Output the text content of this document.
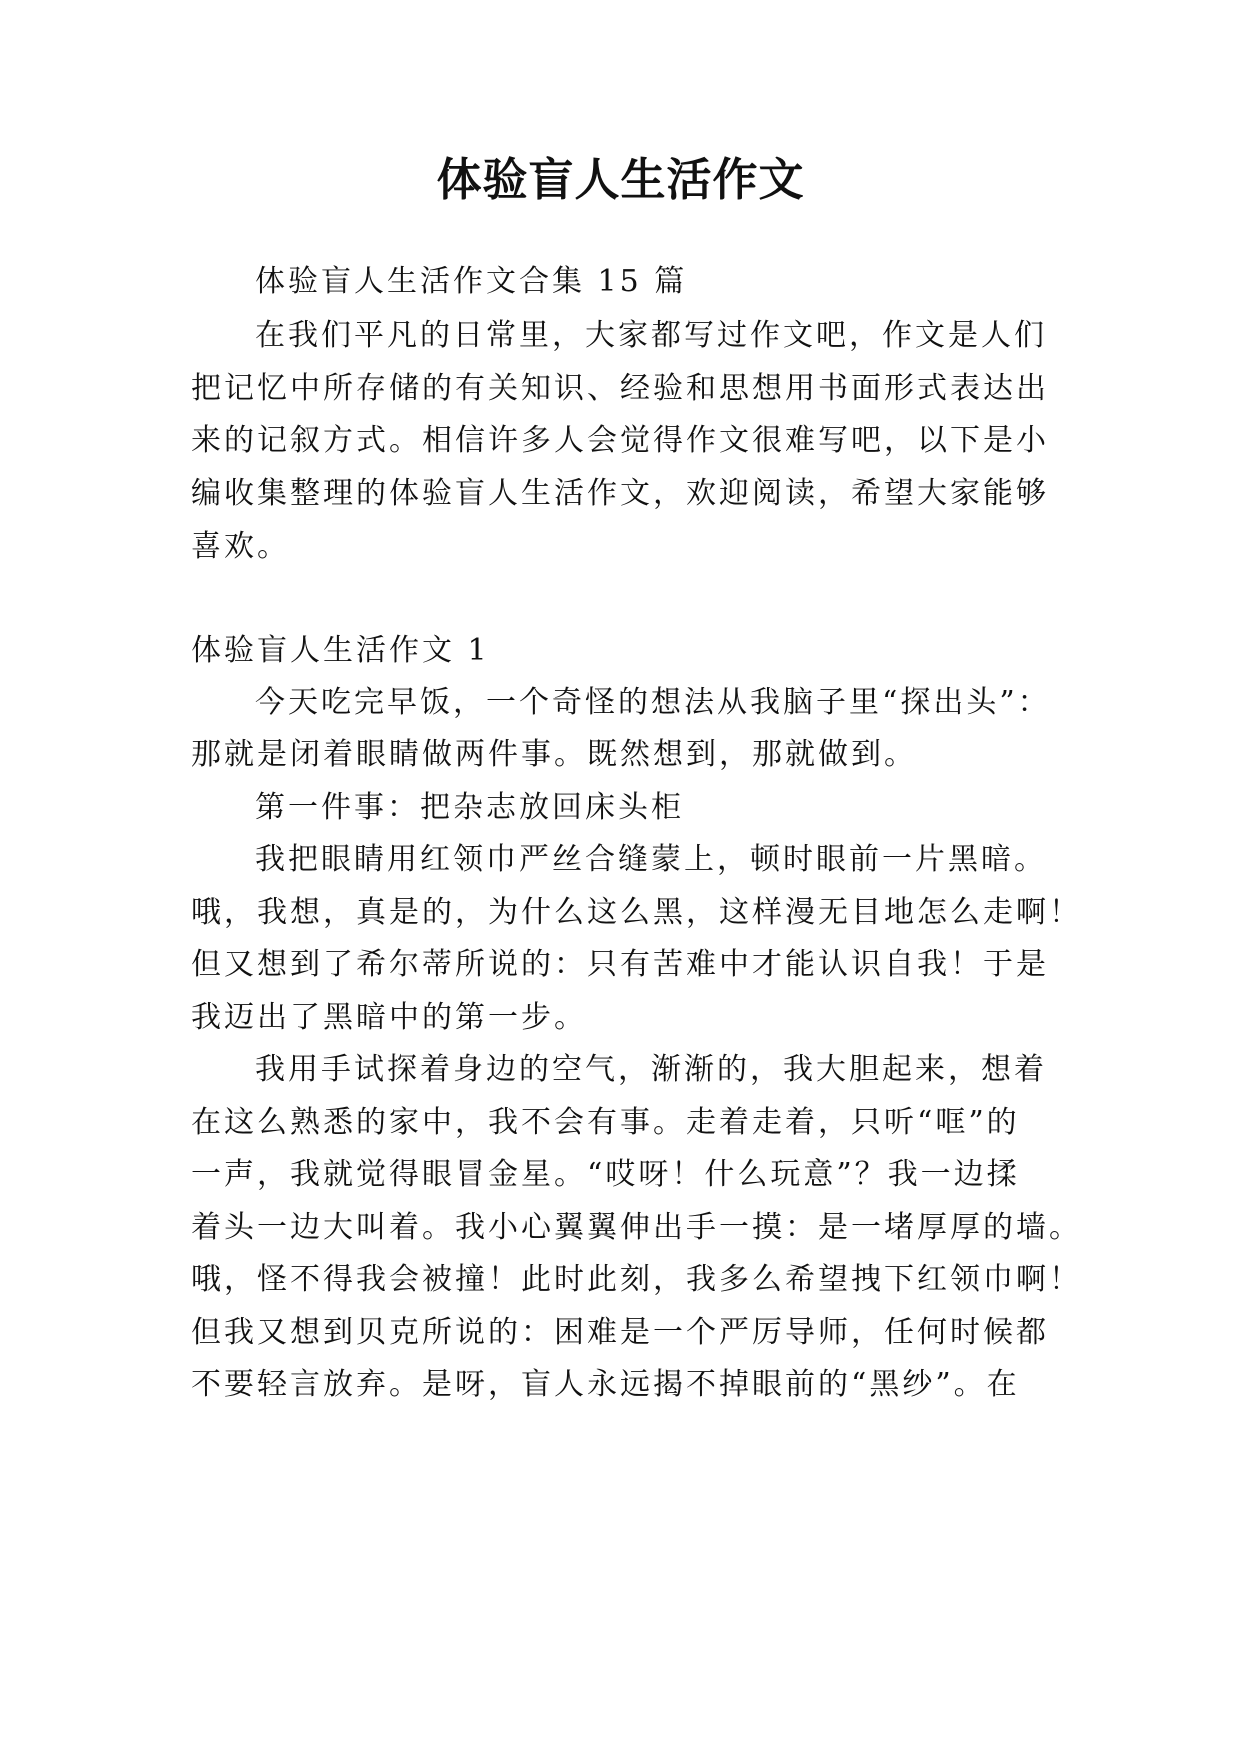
体验盲人生活作文
体验盲人生活作文合集 15 篇
在我们平凡的日常里，大家都写过作文吧，作文是人们
把记忆中所存储的有关知识、经验和思想用书面形式表达出
来的记叙方式。相信许多人会觉得作文很难写吧，以下是小
编收集整理的体验盲人生活作文，欢迎阅读，希望大家能够
喜欢。
体验盲人生活作文 1
今天吃完早饭，一个奇怪的想法从我脑子里“探出头”：
那就是闭着眼睛做两件事。既然想到，那就做到。
第一件事：把杂志放回床头柜
我把眼睛用红领巾严丝合缝蒙上，顿时眼前一片黑暗。
哦，我想，真是的，为什么这么黑，这样漫无目地怎么走啊！
但又想到了希尔蒂所说的：只有苦难中才能认识自我！于是
我迈出了黑暗中的第一步。
我用手试探着身边的空气，渐渐的，我大胆起来，想着
在这么熟悉的家中，我不会有事。走着走着，只听“哐”的
一声，我就觉得眼冒金星。“哎呀！什么玩意”？我一边揉
着头一边大叫着。我小心翼翼伸出手一摸：是一堵厚厚的墙。
哦，怪不得我会被撞！此时此刻，我多么希望拽下红领巾啊！
但我又想到贝克所说的：困难是一个严厉导师，任何时候都
不要轻言放弃。是呀，盲人永远揭不掉眼前的“黑纱”。在
